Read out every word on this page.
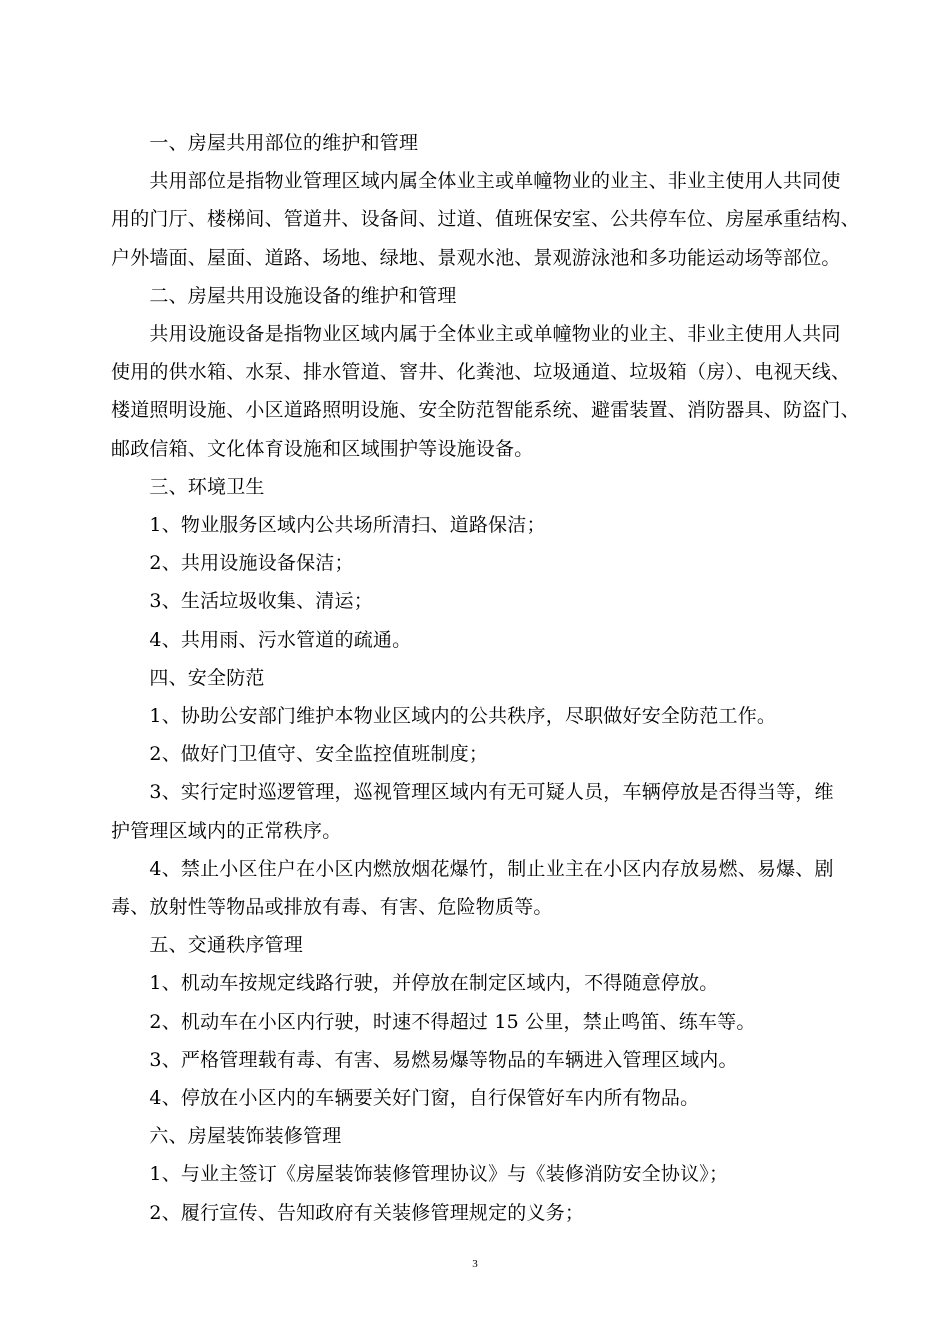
　　一、房屋共用部位的维护和管理

　　共用部位是指物业管理区域内属全体业主或单幢物业的业主、非业主使用人共同使
用的门厅、楼梯间、管道井、设备间、过道、值班保安室、公共停车位、房屋承重结构、
户外墙面、屋面、道路、场地、绿地、景观水池、景观游泳池和多功能运动场等部位。

　　二、房屋共用设施设备的维护和管理

　　共用设施设备是指物业区域内属于全体业主或单幢物业的业主、非业主使用人共同
使用的供水箱、水泵、排水管道、窨井、化粪池、垃圾通道、垃圾箱（房）、电视天线、
楼道照明设施、小区道路照明设施、安全防范智能系统、避雷装置、消防器具、防盗门、
邮政信箱、文化体育设施和区域围护等设施设备。

　　三、环境卫生

　　1、物业服务区域内公共场所清扫、道路保洁；

　　2、共用设施设备保洁；

　　3、生活垃圾收集、清运；

　　4、共用雨、污水管道的疏通。

　　四、安全防范

　　1、协助公安部门维护本物业区域内的公共秩序，尽职做好安全防范工作。

　　2、做好门卫值守、安全监控值班制度；

　　3、实行定时巡逻管理，巡视管理区域内有无可疑人员，车辆停放是否得当等，维
护管理区域内的正常秩序。

　　4、禁止小区住户在小区内燃放烟花爆竹，制止业主在小区内存放易燃、易爆、剧
毒、放射性等物品或排放有毒、有害、危险物质等。

　　五、交通秩序管理

　　1、机动车按规定线路行驶，并停放在制定区域内，不得随意停放。

　　2、机动车在小区内行驶，时速不得超过 15 公里，禁止鸣笛、练车等。

　　3、严格管理载有毒、有害、易燃易爆等物品的车辆进入管理区域内。

　　4、停放在小区内的车辆要关好门窗，自行保管好车内所有物品。

　　六、房屋装饰装修管理

　　1、与业主签订《房屋装饰装修管理协议》与《装修消防安全协议》；

　　2、履行宣传、告知政府有关装修管理规定的义务；

3
